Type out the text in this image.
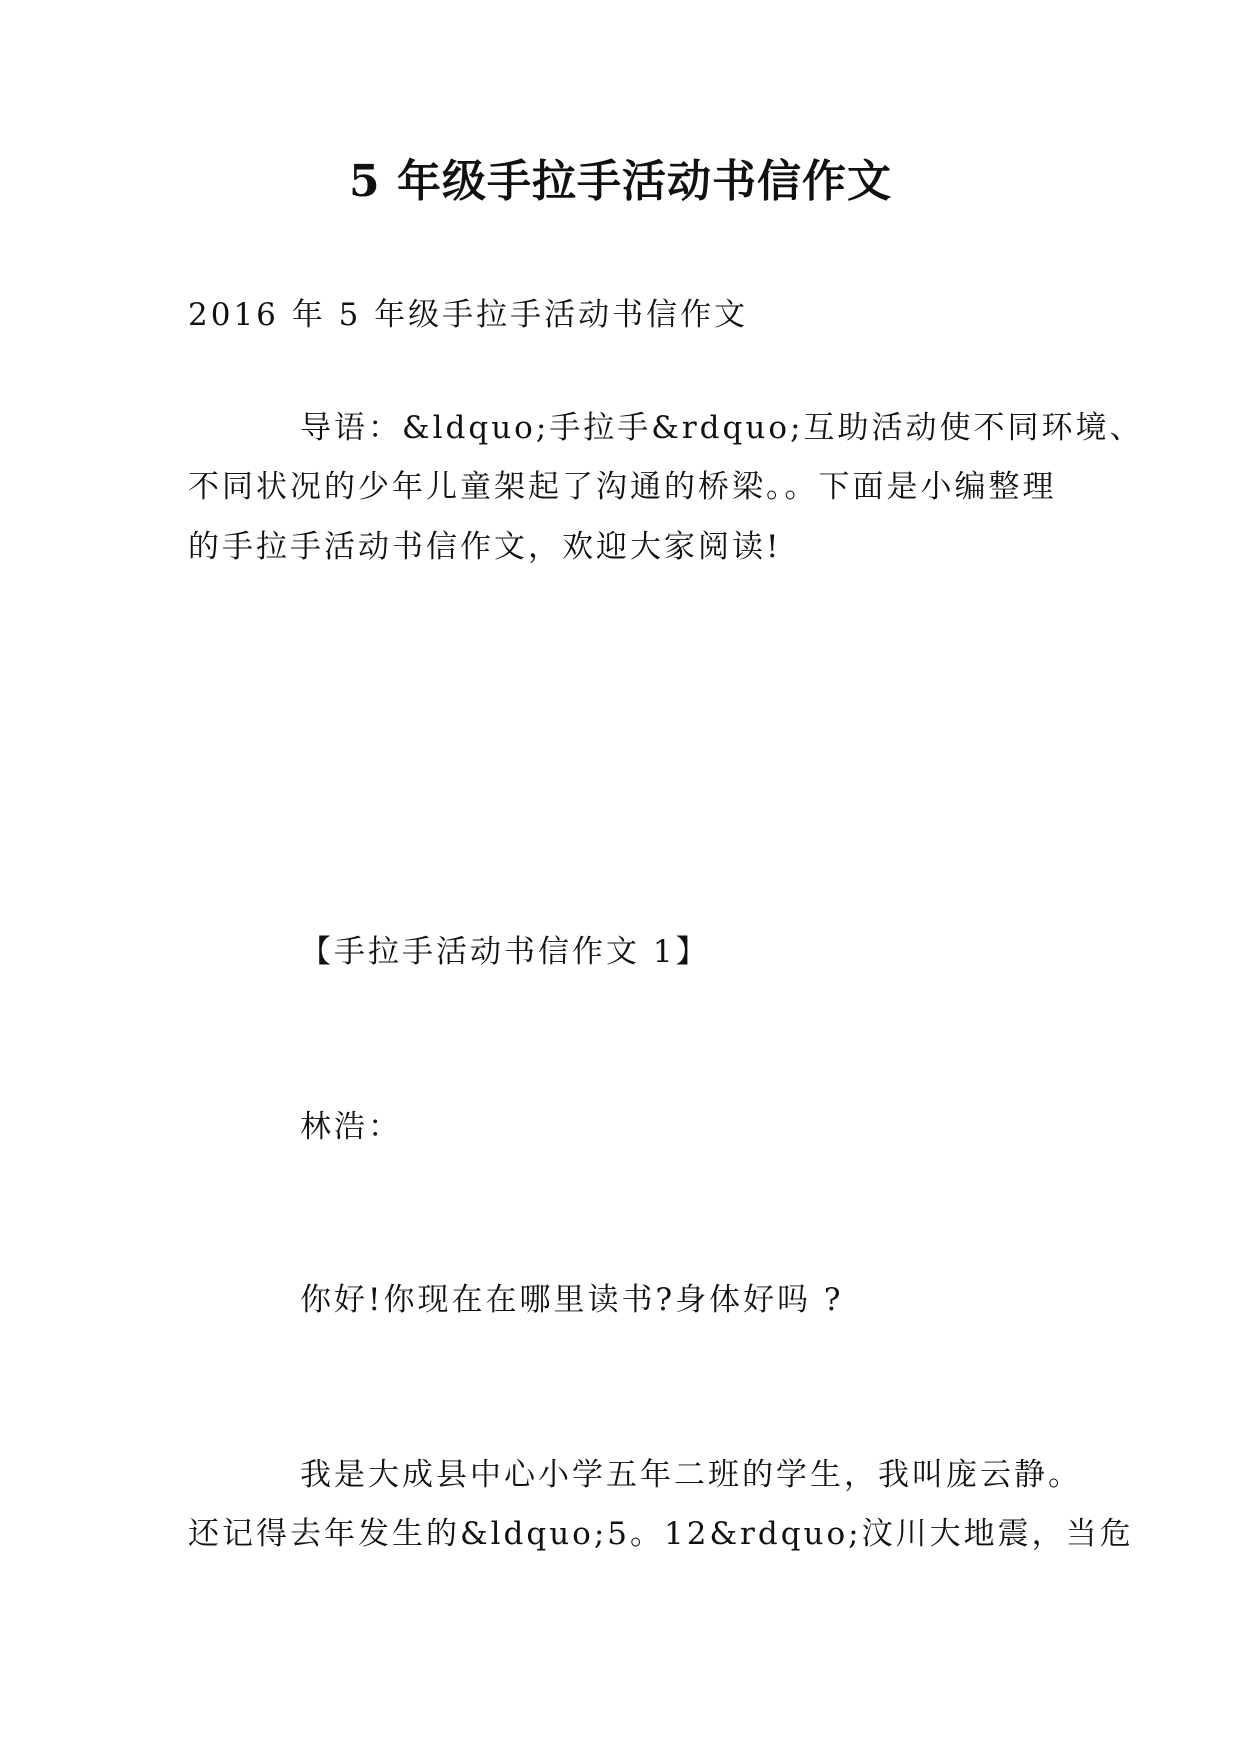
5 年级手拉手活动书信作文

2016 年 5 年级手拉手活动书信作文

导语：&ldquo;手拉手&rdquo;互助活动使不同环境、

不同状况的少年儿童架起了沟通的桥梁。。下面是小编整理

的手拉手活动书信作文，欢迎大家阅读!

【手拉手活动书信作文 1】

林浩：

你好!你现在在哪里读书?身体好吗 ?

我是大成县中心小学五年二班的学生，我叫庞云静。

还记得去年发生的&ldquo;5。12&rdquo;汶川大地震，当危
